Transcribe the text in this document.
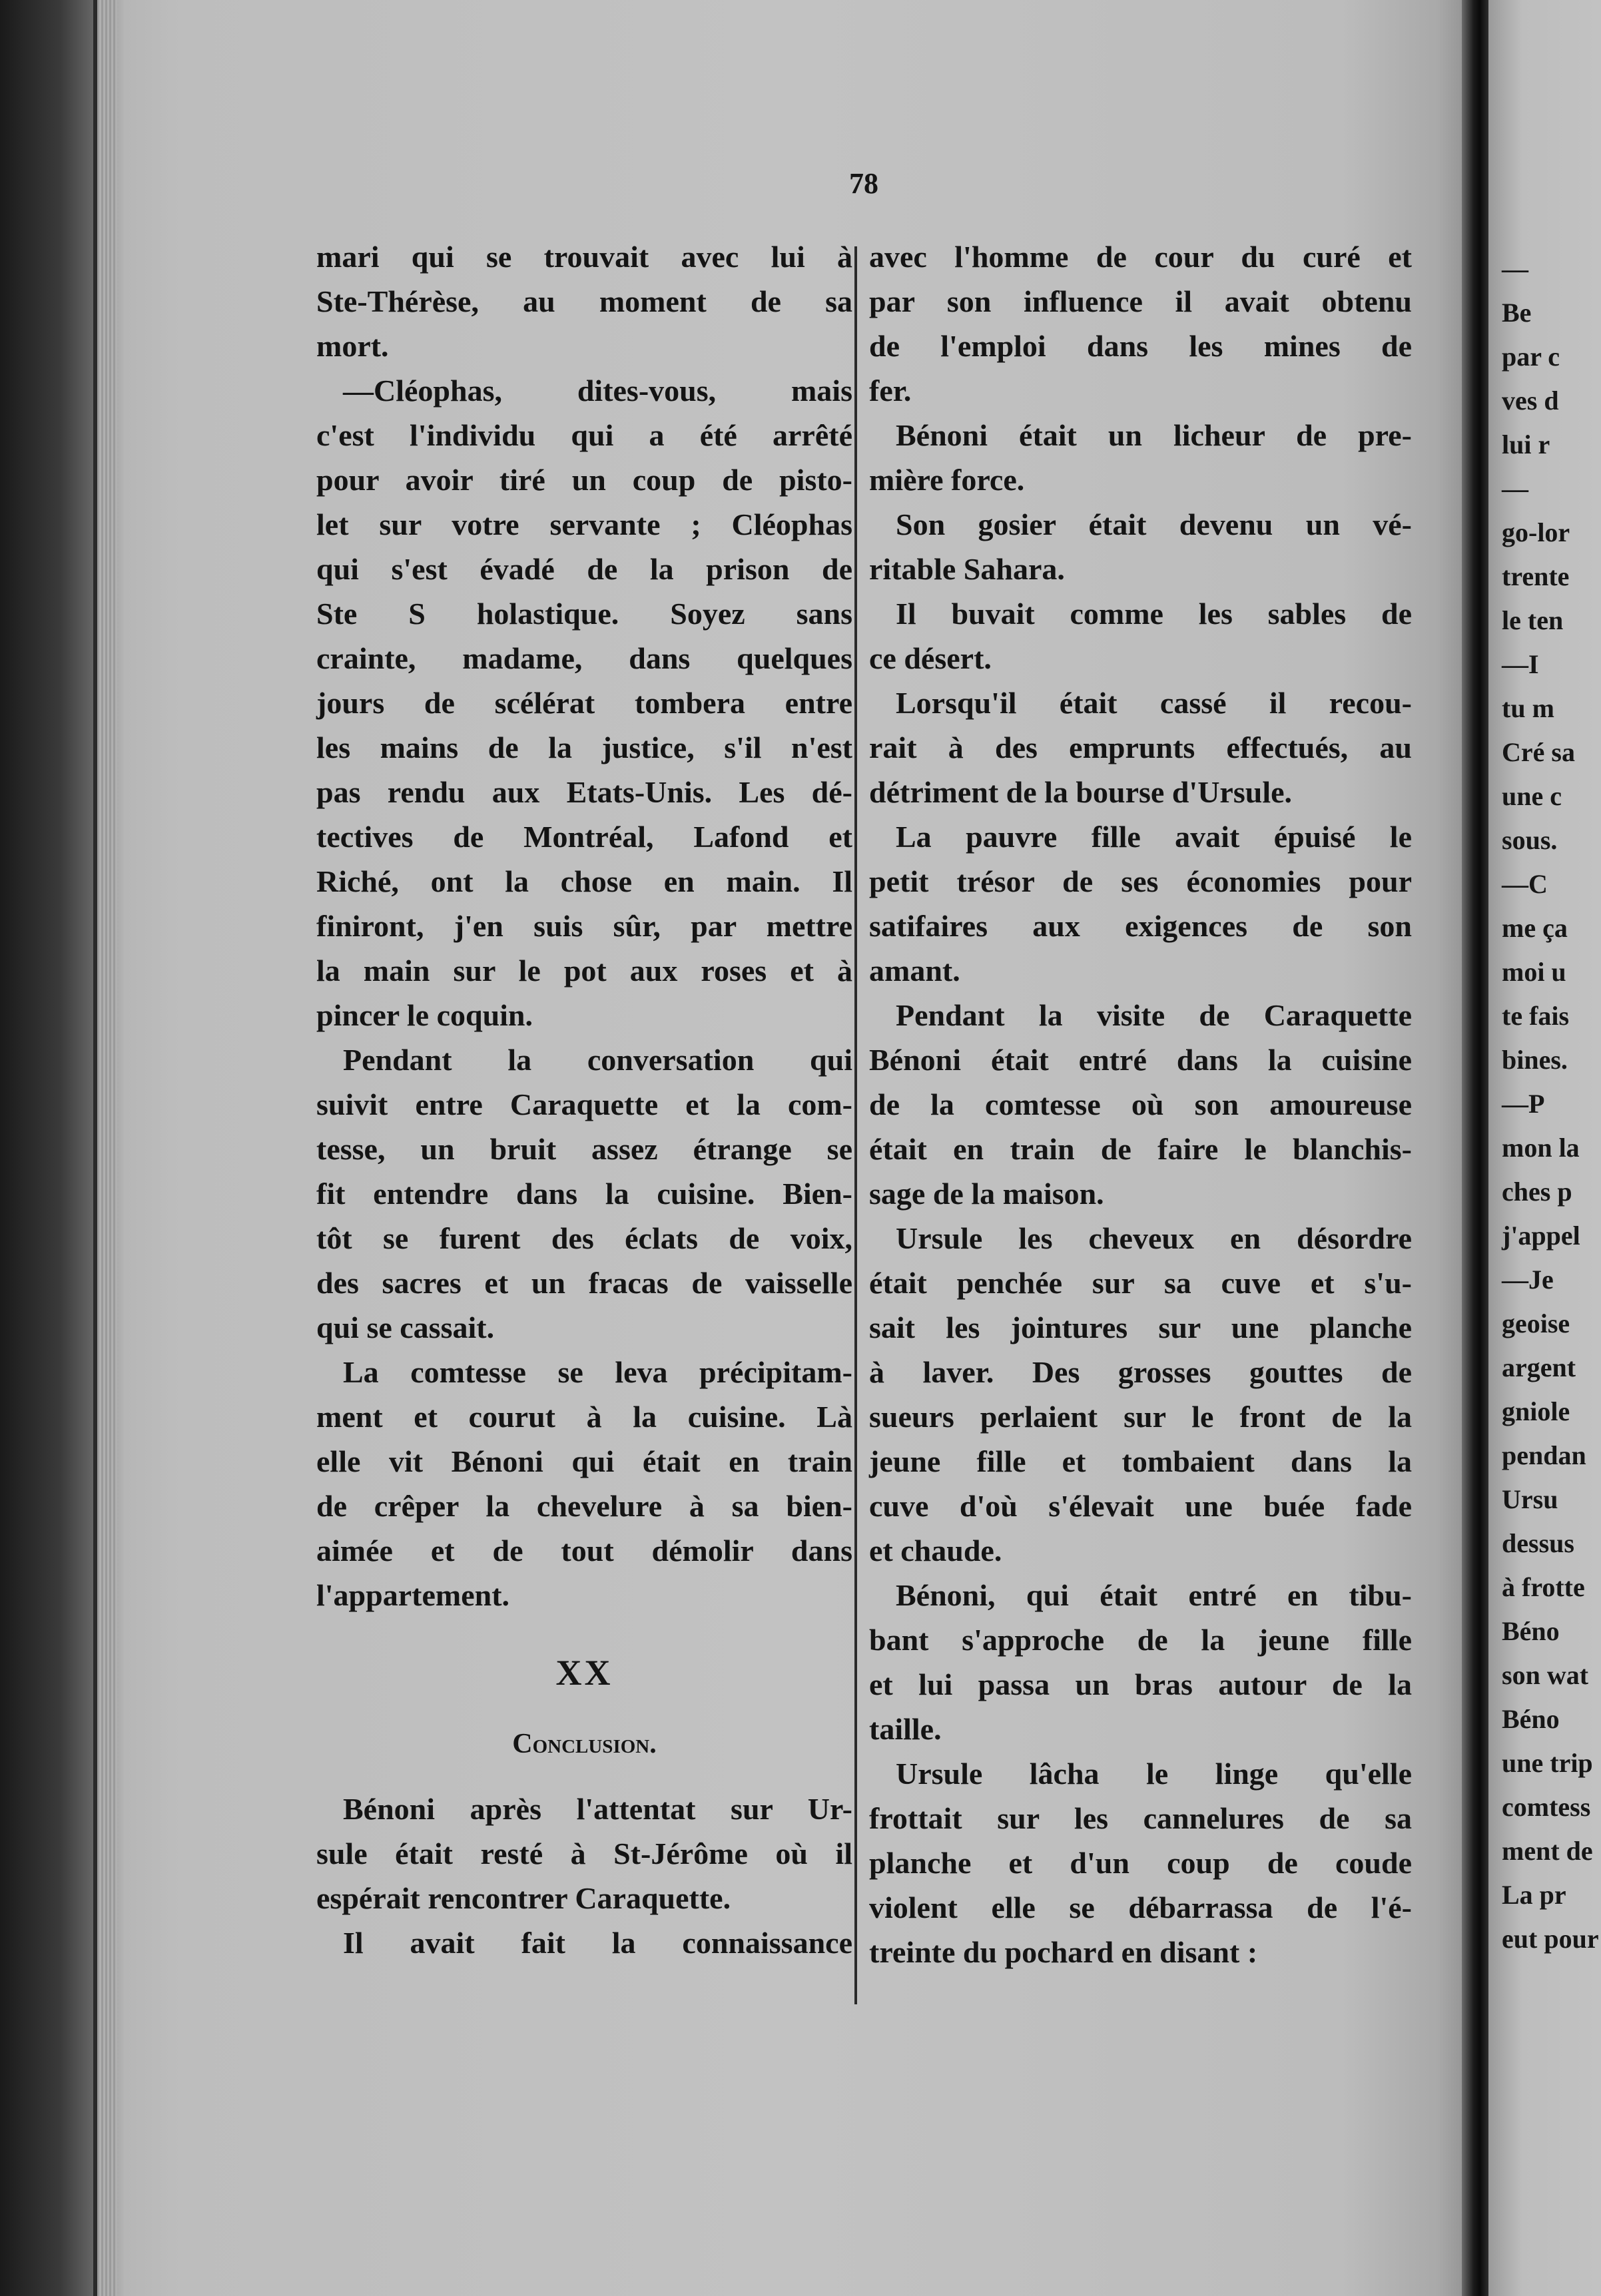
78
mari qui se trouvait avec lui à
Ste-Thérèse, au moment de sa
mort.
—Cléophas, dites-vous, mais
c'est l'individu qui a été arrêté
pour avoir tiré un coup de pisto-
let sur votre servante ; Cléophas
qui s'est évadé de la prison de
Ste S holastique. Soyez sans
crainte, madame, dans quelques
jours de scélérat tombera entre
les mains de la justice, s'il n'est
pas rendu aux Etats-Unis. Les dé-
tectives de Montréal, Lafond et
Riché, ont la chose en main. Il
finiront, j'en suis sûr, par mettre
la main sur le pot aux roses et à
pincer le coquin.
Pendant la conversation qui
suivit entre Caraquette et la com-
tesse, un bruit assez étrange se
fit entendre dans la cuisine. Bien-
tôt se furent des éclats de voix,
des sacres et un fracas de vaisselle
qui se cassait.
La comtesse se leva précipitam-
ment et courut à la cuisine. Là
elle vit Bénoni qui était en train
de crêper la chevelure à sa bien-
aimée et de tout démolir dans
l'appartement.
XX
Conclusion.
Bénoni après l'attentat sur Ur-
sule était resté à St-Jérôme où il
espérait rencontrer Caraquette.
Il avait fait la connaissance
avec l'homme de cour du curé et
par son influence il avait obtenu
de l'emploi dans les mines de
fer.
Bénoni était un licheur de pre-
mière force.
Son gosier était devenu un vé-
ritable Sahara.
Il buvait comme les sables de
ce désert.
Lorsqu'il était cassé il recou-
rait à des emprunts effectués, au
détriment de la bourse d'Ursule.
La pauvre fille avait épuisé le
petit trésor de ses économies pour
satifaires aux exigences de son
amant.
Pendant la visite de Caraquette
Bénoni était entré dans la cuisine
de la comtesse où son amoureuse
était en train de faire le blanchis-
sage de la maison.
Ursule les cheveux en désordre
était penchée sur sa cuve et s'u-
sait les jointures sur une planche
à laver. Des grosses gouttes de
sueurs perlaient sur le front de la
jeune fille et tombaient dans la
cuve d'où s'élevait une buée fade
et chaude.
Bénoni, qui était entré en tibu-
bant s'approche de la jeune fille
et lui passa un bras autour de la
taille.
Ursule lâcha le linge qu'elle
frottait sur les cannelures de sa
planche et d'un coup de coude
violent elle se débarrassa de l'é-
treinte du pochard en disant :
—
Be
par c
ves d
lui r
—
go-lor
trente
le ten
—I
tu m
Cré sa
une c
sous.
—C
me ça
moi u
te fais
bines.
—P
mon la
ches p
j'appel
—Je
geoise
argent
gniole
pendan
Ursu
dessus
à frotte
Béno
son wat
Béno
une trip
comtess
ment de
La pr
eut pour
